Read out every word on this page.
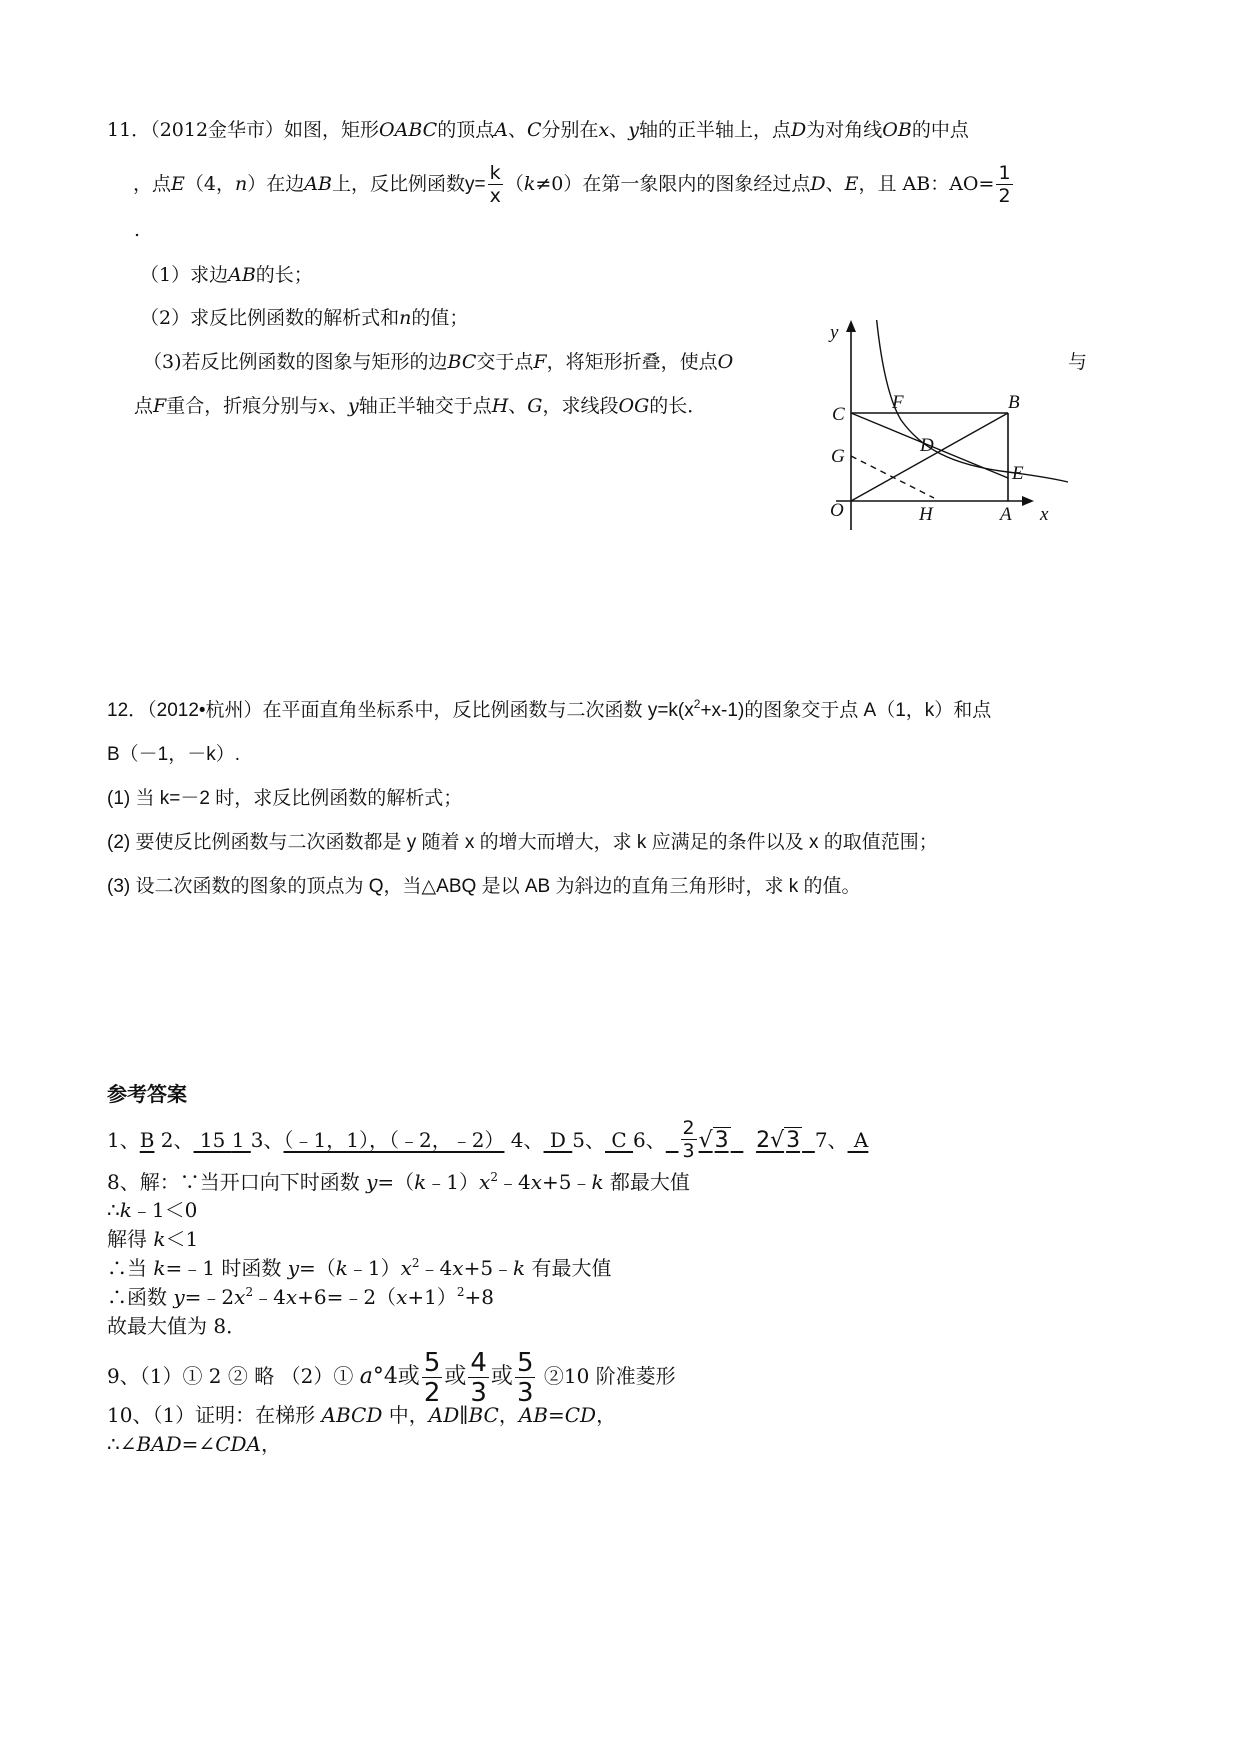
11．（2012金华市）如图，矩形OABC的顶点A、C分别在x、y轴的正半轴上，点D为对角线OB的中点
，点E（4，n）在边AB上，反比例函数$y= \frac{k}{x} (k\ne 0)$在第一象限内的图象经过点D、E，且 AB：$AO= \frac{1}{2}$
.
（1）求边AB的长；
（2）求反比例函数的解析式和n的值；
（3)若反比例函数的图象与矩形的边BC交于点F，将矩形折叠，使点O	与
点F重合，折痕分别与x、y轴正半轴交于点H、G，求线段OG的长．
y
x
O
C
F	B
G
D
E
H	A
12．（2012•杭州）在平面直角坐标系中，反比例函数与二次函数 $y=k(x^2+x-1)$的图象交于点 A（1，k）和点
B（－1，－k）.
(1) 当 k=－2 时，求反比例函数的解析式；
(2) 要使反比例函数与二次函数都是 y 随着 x 的增大而增大，求 k 应满足的条件以及 x 的取值范围；
(3) 设二次函数的图象的顶点为 Q，当△ABQ 是以 AB 为斜边的直角三角形时，求 k 的值。
参考答案
1、B 2、 15 1 3、（﹣1，1），（﹣2，﹣2） 4、 D 5、 C 6、 $\frac{2}{3} √3$ 2√3 7、 A
8、解：∵当开口向下时函数 $y=(k﹣1)x^2﹣4x+5﹣k$ 都最大值
∴k﹣1＜0
解得 k＜1
∴当 k=﹣1 时函数 $y=(k﹣1)x^2﹣4x+5﹣k$ 有最大值
∴函数 $y=﹣2x^2﹣4x+6=﹣2(x+1)^2+8$
故最大值为 8．
9、（1）① 2 ② 略 （2）① a°4或 $\frac{5}{2}$ 或 $\frac{4}{3}$ 或 $\frac{5}{3}$ ②10 阶准菱形
10、（1）证明：在梯形 ABCD 中，AD∥BC，AB=CD，
∴∠BAD=∠CDA，
